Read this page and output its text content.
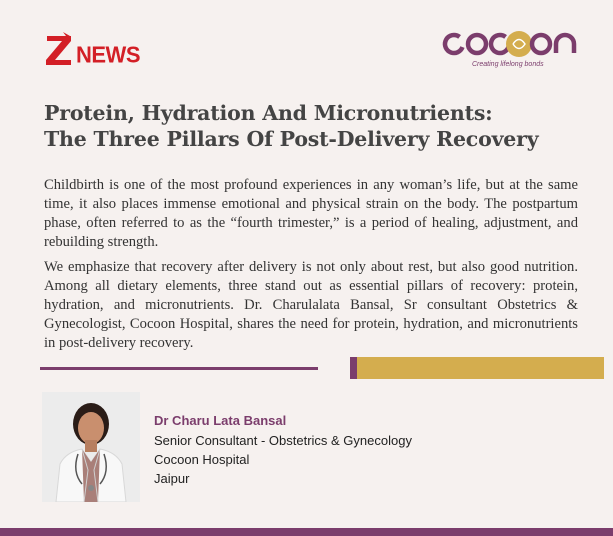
NEWS	Creating lifelong bonds
Protein, Hydration And Micronutrients:
The Three Pillars Of Post-Delivery Recovery

Childbirth is one of the most profound experiences in any woman’s life, but at the same time, it also places immense emotional and physical strain on the body. The postpartum phase, often referred to as the “fourth trimester,” is a period of healing, adjustment, and rebuilding strength.

We emphasize that recovery after delivery is not only about rest, but also good nutrition. Among all dietary elements, three stand out as essential pillars of recovery: protein, hydration, and micronutrients. Dr. Charulalata Bansal, Sr consultant Obstetrics & Gynecologist, Cocoon Hospital, shares the need for protein, hydration, and micronutrients in post-delivery recovery.

Dr Charu Lata Bansal

Senior Consultant - Obstetrics & Gynecology

Cocoon Hospital

Jaipur
